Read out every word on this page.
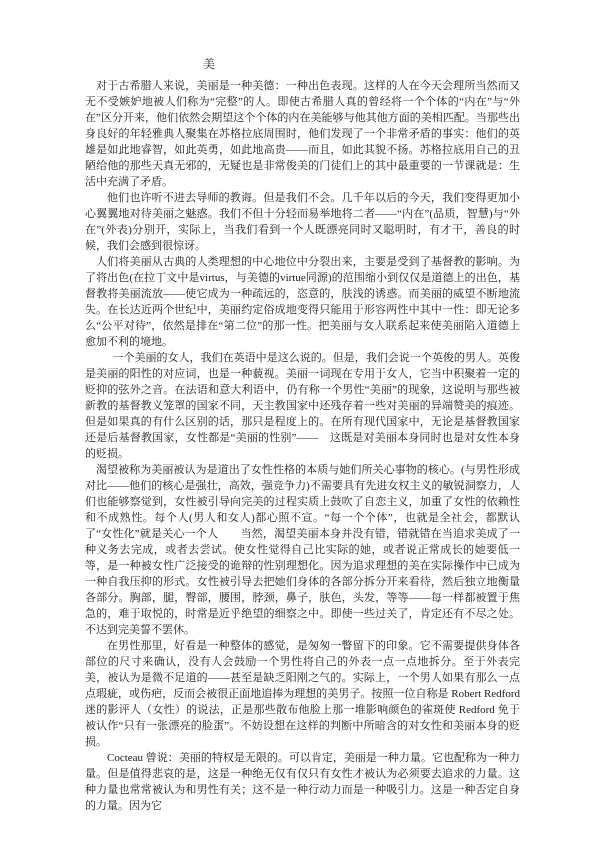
美

对于古希腊人来说，美丽是一种美德：一种出色表现。这样的人在今天会理所当然而又无不受嫉妒地被人们称为“完整”的人。即使古希腊人真的曾经将一个个体的“内在”与“外在”区分开来，他们依然会期望这个个体的内在美能够与他其他方面的美相匹配。当那些出身良好的年轻雅典人聚集在苏格拉底周围时，他们发现了一个非常矛盾的事实：他们的英雄是如此地睿智，如此英勇，如此地高贵——而且，如此其貌不扬。苏格拉底用自己的丑陋给他的那些天真无邪的，无疑也是非常俊美的门徒们上的其中最重要的一节课就是：生活中充满了矛盾。

他们也许听不进去导师的教诲。但是我们不会。几千年以后的今天，我们变得更加小心翼翼地对待美丽之魅惑。我们不但十分轻而易举地将二者——“内在”(品质，智慧)与“外在”(外表)分别开，实际上，当我们看到一个人既漂亮同时又聪明时，有才干，善良的时候，我们会感到很惊讶。

人们将美丽从古典的人类理想的中心地位中分裂出来，主要是受到了基督教的影响。为了将出色(在拉丁文中是virtus，与美德的virtue同源)的范围缩小到仅仅是道德上的出色，基督教将美丽流放——使它成为一种疏远的，恣意的，肤浅的诱惑。而美丽的威望不断地流失。在长达近两个世纪中，美丽约定俗成地变得只能用于形容两性中其中一性：即无论多么“公平对待”，依然是排在“第二位”的那一性。把美丽与女人联系起来使美丽陷入道德上愈加不利的境地。

一个美丽的女人，我们在英语中是这么说的。但是，我们会说一个英俊的男人。英俊是美丽的阳性的对应词，也是一种藐视。美丽一词现在专用于女人，它当中积聚着一定的贬抑的弦外之音。在法语和意大利语中，仍有称一个男性“美丽”的现象，这说明与那些被新教的基督教义笼罩的国家不同，天主教国家中还残存着一些对美丽的异端赞美的痕迹。但是如果真的有什么区别的话，那只是程度上的。在所有现代国家中，无论是基督教国家还是后基督教国家，女性都是“美丽的性别”——　这既是对美丽本身同时也是对女性本身的贬损。

渴望被称为美丽被认为是道出了女性性格的本质与她们所关心事物的核心。(与男性形成对比——他们的核心是强壮，高效，强竞争力)不需要具有先进女权主义的敏锐洞察力，人们也能够察觉到，女性被引导向完美的过程实质上鼓吹了自恋主义，加重了女性的依赖性和不成熟性。每个人(男人和女人)都心照不宣。“每一个个体”，也就是全社会，都默认了“女性化”就是关心一个人　　当然，渴望美丽本身并没有错，错就错在当追求美成了一种义务去完成，或者去尝试。使女性觉得自己比实际的她，或者说正常成长的她要低一等，是一种被女性广泛接受的诡辩的性别理想化。因为追求理想的美在实际操作中已成为一种自我压抑的形式。女性被引导去把她们身体的各部分拆分开来看待，然后独立地衡量各部分。胸部，腿，臀部，腰围，脖颈，鼻子，肤色，头发，等等——每一样都被置于焦急的，难于取悦的，时常是近乎绝望的细察之中。即使一些过关了，肯定还有不尽之处。不达到完美誓不罢休。

在男性那里，好看是一种整体的感觉，是匆匆一瞥留下的印象。它不需要提供身体各部位的尺寸来确认，没有人会鼓励一个男性将自己的外表一点一点地拆分。至于外表完美，被认为是微不足道的——甚至是缺乏阳刚之气的。实际上，一个男人如果有那么一点点瑕疵，或伤疤，反而会被很正面地追捧为理想的美男子。按照一位自称是 Robert Redford 迷的影评人（女性）的说法，正是那些散布他脸上那一堆影响颜色的雀斑使 Redford 免于被认作“只有一张漂亮的脸蛋”。不妨设想在这样的判断中所暗含的对女性和美丽本身的贬损。

Cocteau 曾说：美丽的特权是无限的。可以肯定，美丽是一种力量。它也配称为一种力量。但是值得悲哀的是，这是一种绝无仅有仅只有女性才被认为必须要去追求的力量。这种力量也常常被认为和男性有关；这不是一种行动力而是一种吸引力。这是一种否定自身的力量。因为它
